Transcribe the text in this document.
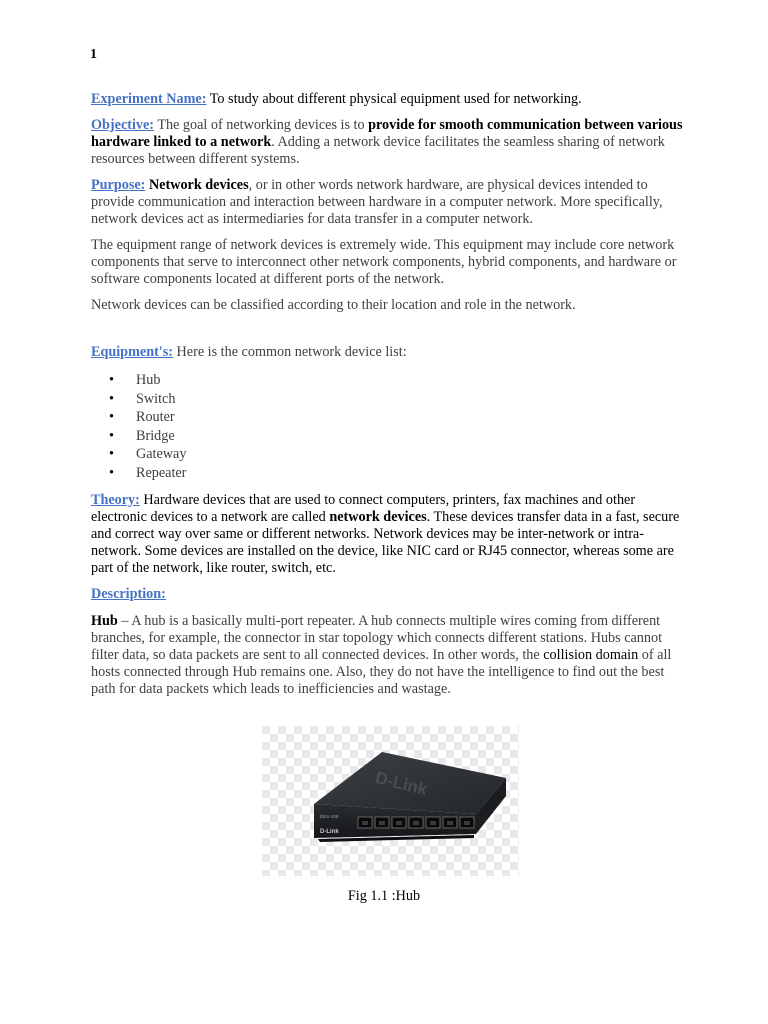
1

Experiment Name: To study about different physical equipment used for networking.

Objective: The goal of networking devices is to provide for smooth communication between various hardware linked to a network. Adding a network device facilitates the seamless sharing of network resources between different systems.

Purpose: Network devices, or in other words network hardware, are physical devices intended to provide communication and interaction between hardware in a computer network. More specifically, network devices act as intermediaries for data transfer in a computer network.

The equipment range of network devices is extremely wide. This equipment may include core network components that serve to interconnect other network components, hybrid components, and hardware or software components located at different ports of the network.

Network devices can be classified according to their location and role in the network.

Equipment's: Here is the common network device list:

• Hub
• Switch
• Router
• Bridge
• Gateway
• Repeater

Theory: Hardware devices that are used to connect computers, printers, fax machines and other electronic devices to a network are called network devices. These devices transfer data in a fast, secure and correct way over same or different networks. Network devices may be inter-network or intra-network. Some devices are installed on the device, like NIC card or RJ45 connector, whereas some are part of the network, like router, switch, etc.

Description:

Hub – A hub is a basically multi-port repeater. A hub connects multiple wires coming from different branches, for example, the connector in star topology which connects different stations. Hubs cannot filter data, so data packets are sent to all connected devices. In other words, the collision domain of all hosts connected through Hub remains one. Also, they do not have the intelligence to find out the best path for data packets which leads to inefficiencies and wastage.

D-Link
DES-108
D-Link
Fig 1.1 :Hub
